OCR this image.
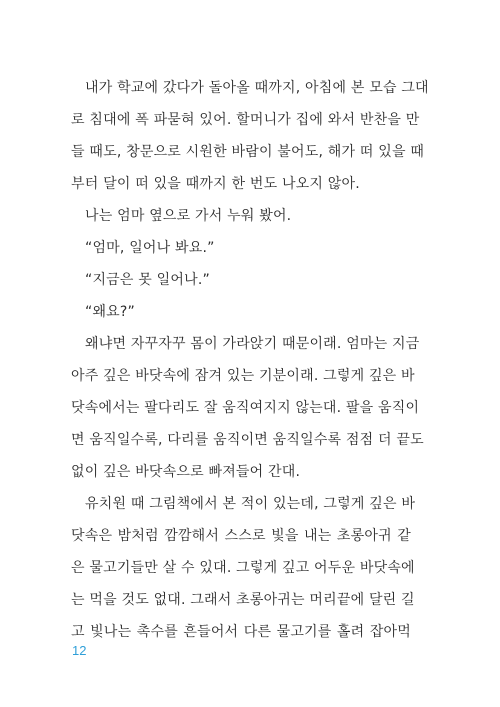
내가 학교에 갔다가 돌아올 때까지, 아침에 본 모습 그대
로 침대에 폭 파묻혀 있어. 할머니가 집에 와서 반찬을 만
들 때도, 창문으로 시원한 바람이 불어도, 해가 떠 있을 때
부터 달이 떠 있을 때까지 한 번도 나오지 않아.
나는 엄마 옆으로 가서 누워 봤어.
“엄마, 일어나 봐요.”
“지금은 못 일어나.”
“왜요?”
왜냐면 자꾸자꾸 몸이 가라앉기 때문이래. 엄마는 지금
아주 깊은 바닷속에 잠겨 있는 기분이래. 그렇게 깊은 바
닷속에서는 팔다리도 잘 움직여지지 않는대. 팔을 움직이
면 움직일수록, 다리를 움직이면 움직일수록 점점 더 끝도
없이 깊은 바닷속으로 빠져들어 간대.
유치원 때 그림책에서 본 적이 있는데, 그렇게 깊은 바
닷속은 밤처럼 깜깜해서 스스로 빛을 내는 초롱아귀 같
은 물고기들만 살 수 있대. 그렇게 깊고 어두운 바닷속에
는 먹을 것도 없대. 그래서 초롱아귀는 머리끝에 달린 길
고 빛나는 촉수를 흔들어서 다른 물고기를 홀려 잡아먹
12
